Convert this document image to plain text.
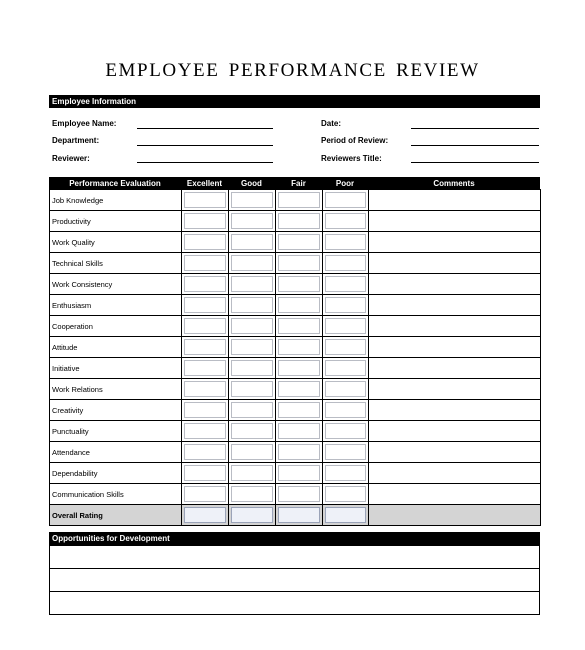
EMPLOYEE PERFORMANCE REVIEW
Employee Information
Employee Name:
Department:
Reviewer:
Date:
Period of Review:
Reviewers Title:
Performance Evaluation	Excellent	Good	Fair	Poor	Comments
Job Knowledge	

Productivity	

Work Quality	

Technical Skills	

Work Consistency	

Enthusiasm	

Cooperation	

Attitude	

Initiative	

Work Relations	

Creativity	

Punctuality	

Attendance	

Dependability	

Communication Skills	

Overall Rating	

Opportunities for Development
